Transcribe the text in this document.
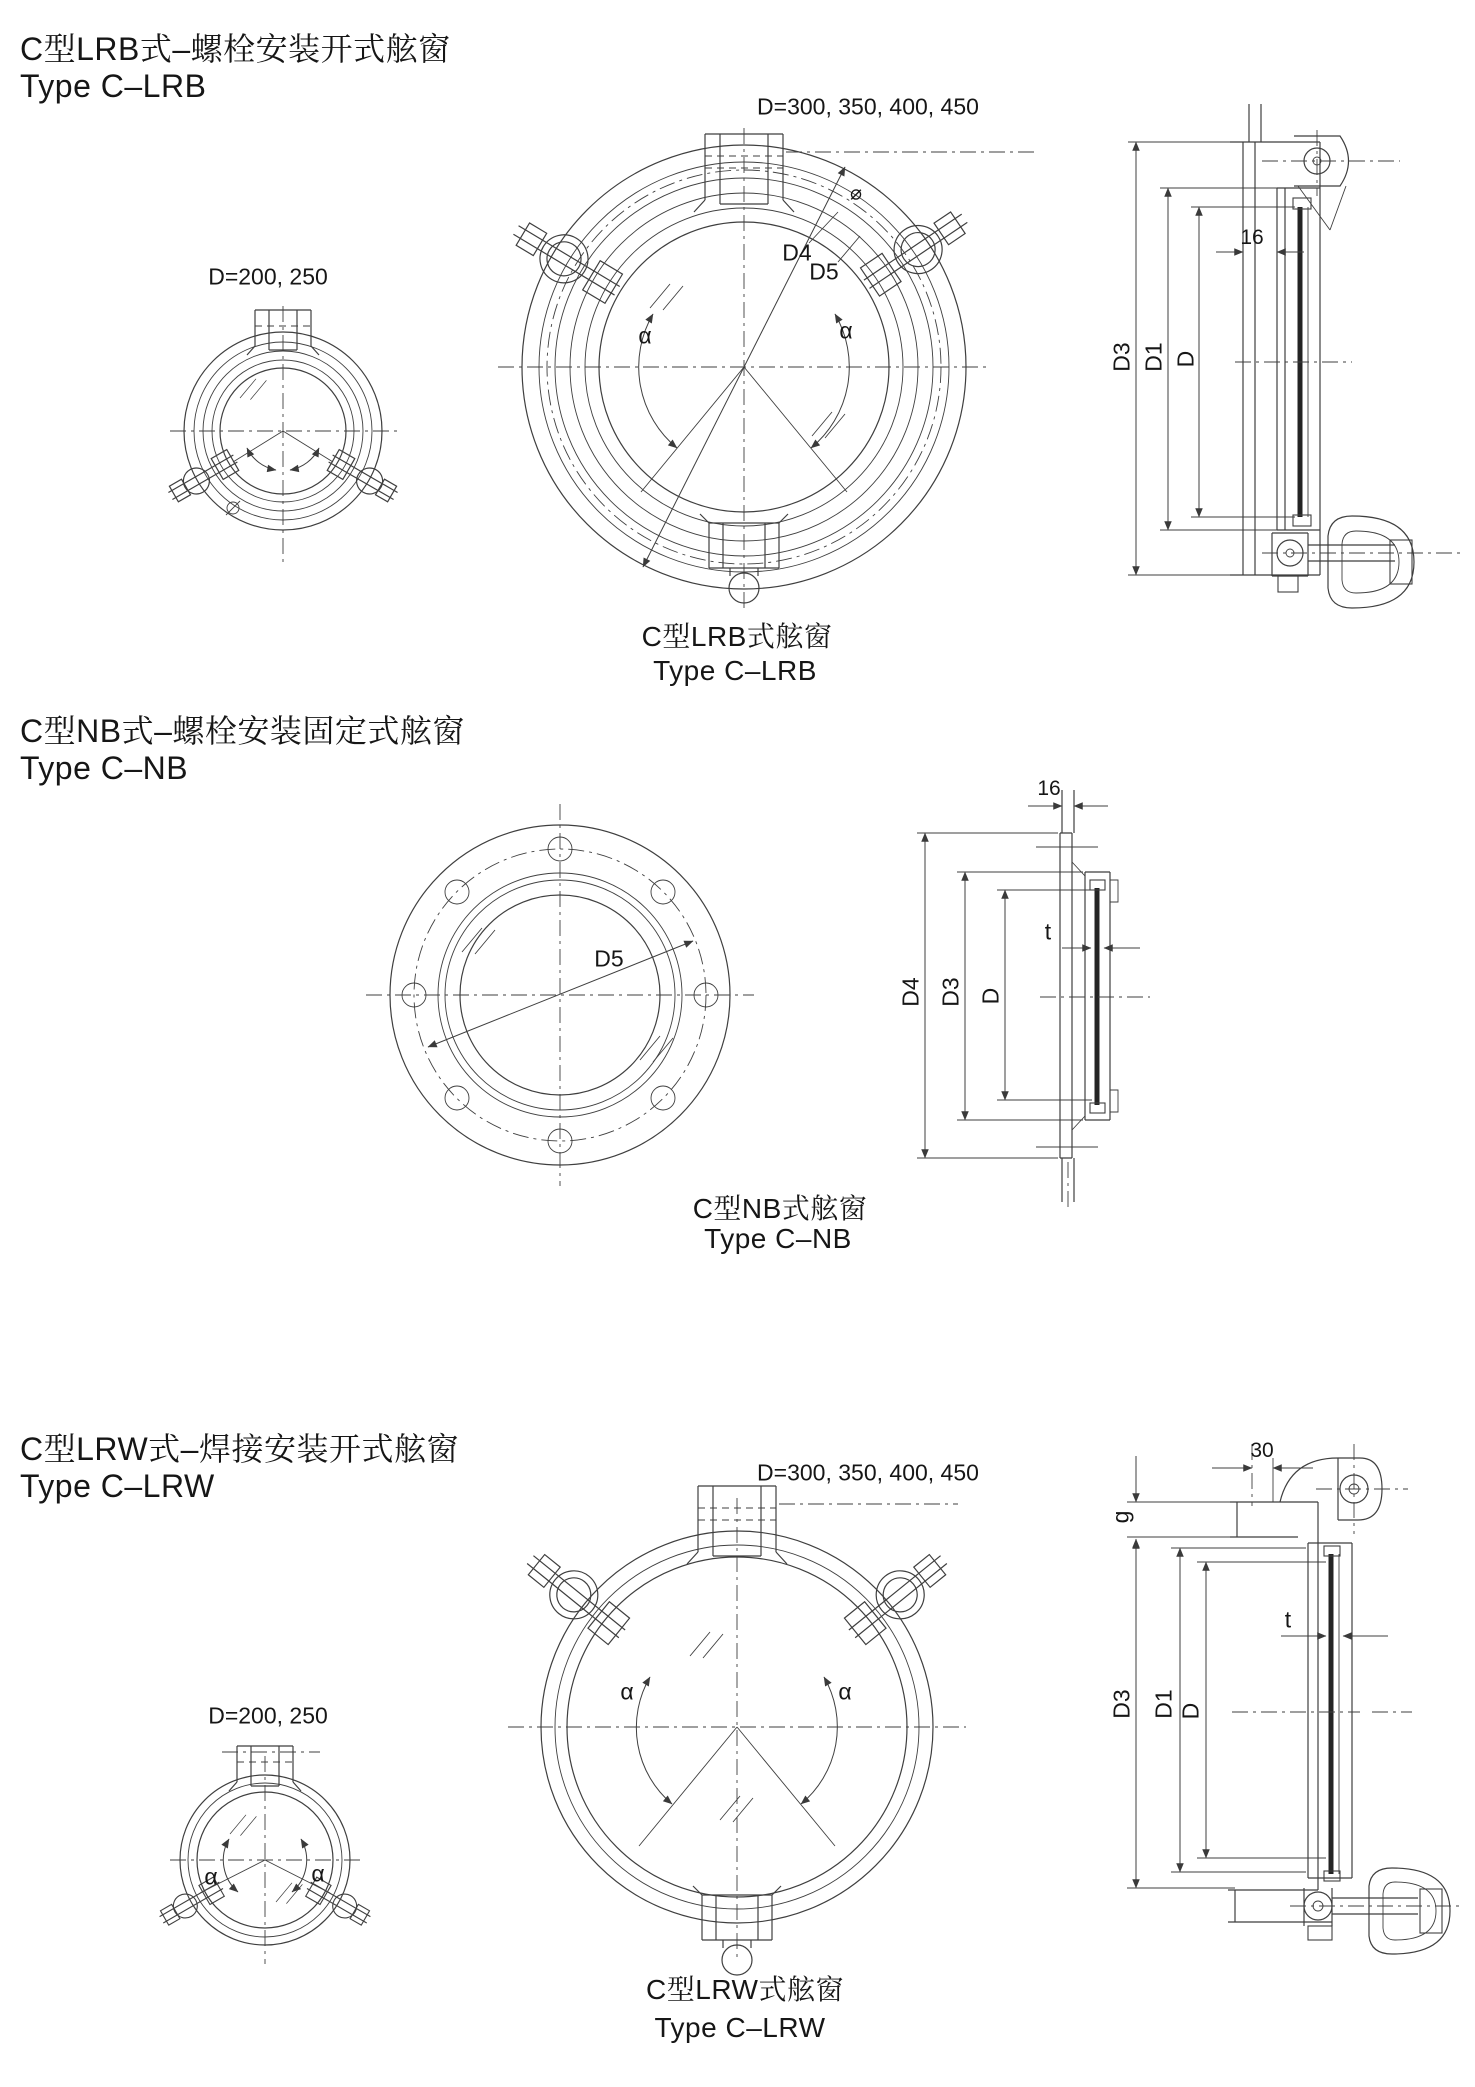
C型LRB式–螺栓安装开式舷窗
Type C–LRB
D=200, 250
D=300, 350, 400, 450
D4
D5
α	α
⌀
16
D3 D1 D
C型LRB式舷窗
Type C–LRB
C型NB式–螺栓安装固定式舷窗
Type C–NB
D5
16
t
D4 D3 D
C型NB式舷窗
Type C–NB
C型LRW式–焊接安装开式舷窗
Type C–LRW	D=300, 350, 400, 450
D=200, 250
α	α
α	α
30
g
t
D3 D1 D
C型LRW式舷窗
Type C–LRW
